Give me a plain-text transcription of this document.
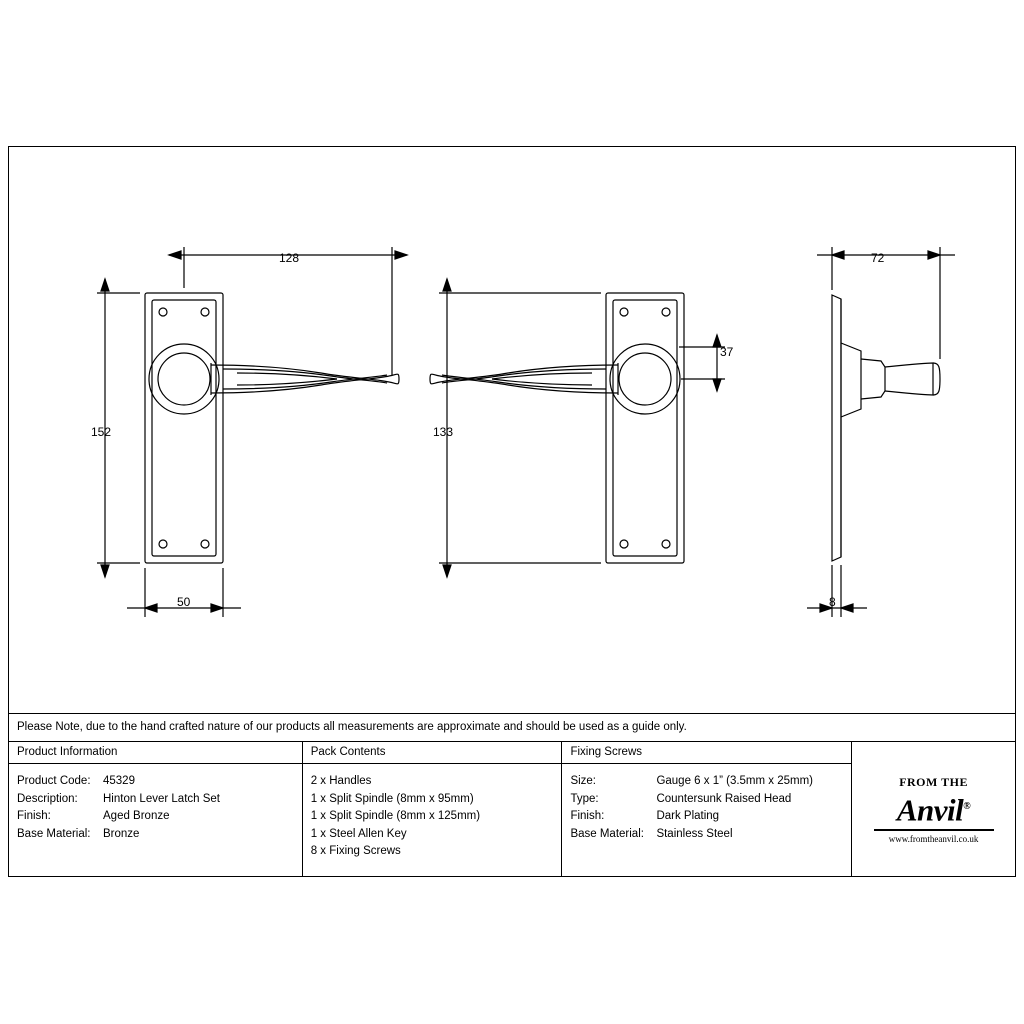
128
152
50
133
37
72
8
Please Note, due to the hand crafted nature of our products all measurements are approximate and should be used as a guide only.
Product Information
Product Code:	45329
Description:	Hinton Lever Latch Set
Finish:	Aged Bronze
Base Material:	Bronze
Pack Contents
2 x Handles
1 x Split Spindle (8mm x 95mm)
1 x Split Spindle (8mm x 125mm)
1 x Steel Allen Key
8 x Fixing Screws
Fixing Screws
Size:	Gauge 6 x 1” (3.5mm x 25mm)
Type:	Countersunk Raised Head
Finish:	Dark Plating
Base Material:	Stainless Steel
FROM THE
Anvil®
www.fromtheanvil.co.uk
